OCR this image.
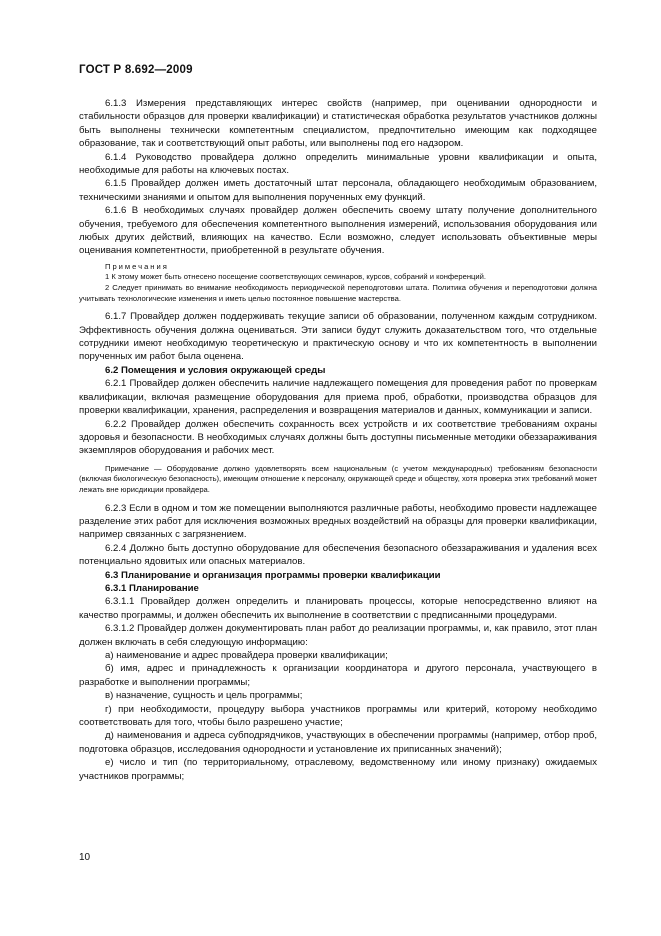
ГОСТ Р 8.692—2009

6.1.3 Измерения представляющих интерес свойств (например, при оценивании однородности и стабильности образцов для проверки квалификации) и статистическая обработка результатов участников должны быть выполнены технически компетентным специалистом, предпочтительно имеющим как подходящее образование, так и соответствующий опыт работы, или выполнены под его надзором.

6.1.4 Руководство провайдера должно определить минимальные уровни квалификации и опыта, необходимые для работы на ключевых постах.

6.1.5 Провайдер должен иметь достаточный штат персонала, обладающего необходимым образованием, техническими знаниями и опытом для выполнения порученных ему функций.

6.1.6 В необходимых случаях провайдер должен обеспечить своему штату получение дополнительного обучения, требуемого для обеспечения компетентного выполнения измерений, использования оборудования или любых других действий, влияющих на качество. Если возможно, следует использовать объективные меры оценивания компетентности, приобретенной в результате обучения.

Примечания

1 К этому может быть отнесено посещение соответствующих семинаров, курсов, собраний и конференций.

2 Следует принимать во внимание необходимость периодической переподготовки штата. Политика обучения и переподготовки должна учитывать технологические изменения и иметь целью постоянное повышение мастерства.

6.1.7 Провайдер должен поддерживать текущие записи об образовании, полученном каждым сотрудником. Эффективность обучения должна оцениваться. Эти записи будут служить доказательством того, что отдельные сотрудники имеют необходимую теоретическую и практическую основу и что их компетентность в выполнении порученных им работ была оценена.

6.2 Помещения и условия окружающей среды

6.2.1 Провайдер должен обеспечить наличие надлежащего помещения для проведения работ по проверкам квалификации, включая размещение оборудования для приема проб, обработки, производства образцов для проверки квалификации, хранения, распределения и возвращения материалов и данных, коммуникации и записи.

6.2.2 Провайдер должен обеспечить сохранность всех устройств и их соответствие требованиям охраны здоровья и безопасности. В необходимых случаях должны быть доступны письменные методики обеззараживания экземпляров оборудования и рабочих мест.

Примечание — Оборудование должно удовлетворять всем национальным (с учетом международных) требованиям безопасности (включая биологическую безопасность), имеющим отношение к персоналу, окружающей среде и обществу, хотя проверка этих требований может лежать вне юрисдикции провайдера.

6.2.3 Если в одном и том же помещении выполняются различные работы, необходимо провести надлежащее разделение этих работ для исключения возможных вредных воздействий на образцы для проверки квалификации, например связанных с загрязнением.

6.2.4 Должно быть доступно оборудование для обеспечения безопасного обеззараживания и удаления всех потенциально ядовитых или опасных материалов.

6.3 Планирование и организация программы проверки квалификации

6.3.1 Планирование

6.3.1.1 Провайдер должен определить и планировать процессы, которые непосредственно влияют на качество программы, и должен обеспечить их выполнение в соответствии с предписанными процедурами.

6.3.1.2 Провайдер должен документировать план работ до реализации программы, и, как правило, этот план должен включать в себя следующую информацию:

а) наименование и адрес провайдера проверки квалификации;

б) имя, адрес и принадлежность к организации координатора и другого персонала, участвующего в разработке и выполнении программы;

в) назначение, сущность и цель программы;

г) при необходимости, процедуру выбора участников программы или критерий, которому необходимо соответствовать для того, чтобы было разрешено участие;

д) наименования и адреса субподрядчиков, участвующих в обеспечении программы (например, отбор проб, подготовка образцов, исследования однородности и установление их приписанных значений);

е) число и тип (по территориальному, отраслевому, ведомственному или иному признаку) ожидаемых участников программы;

10
